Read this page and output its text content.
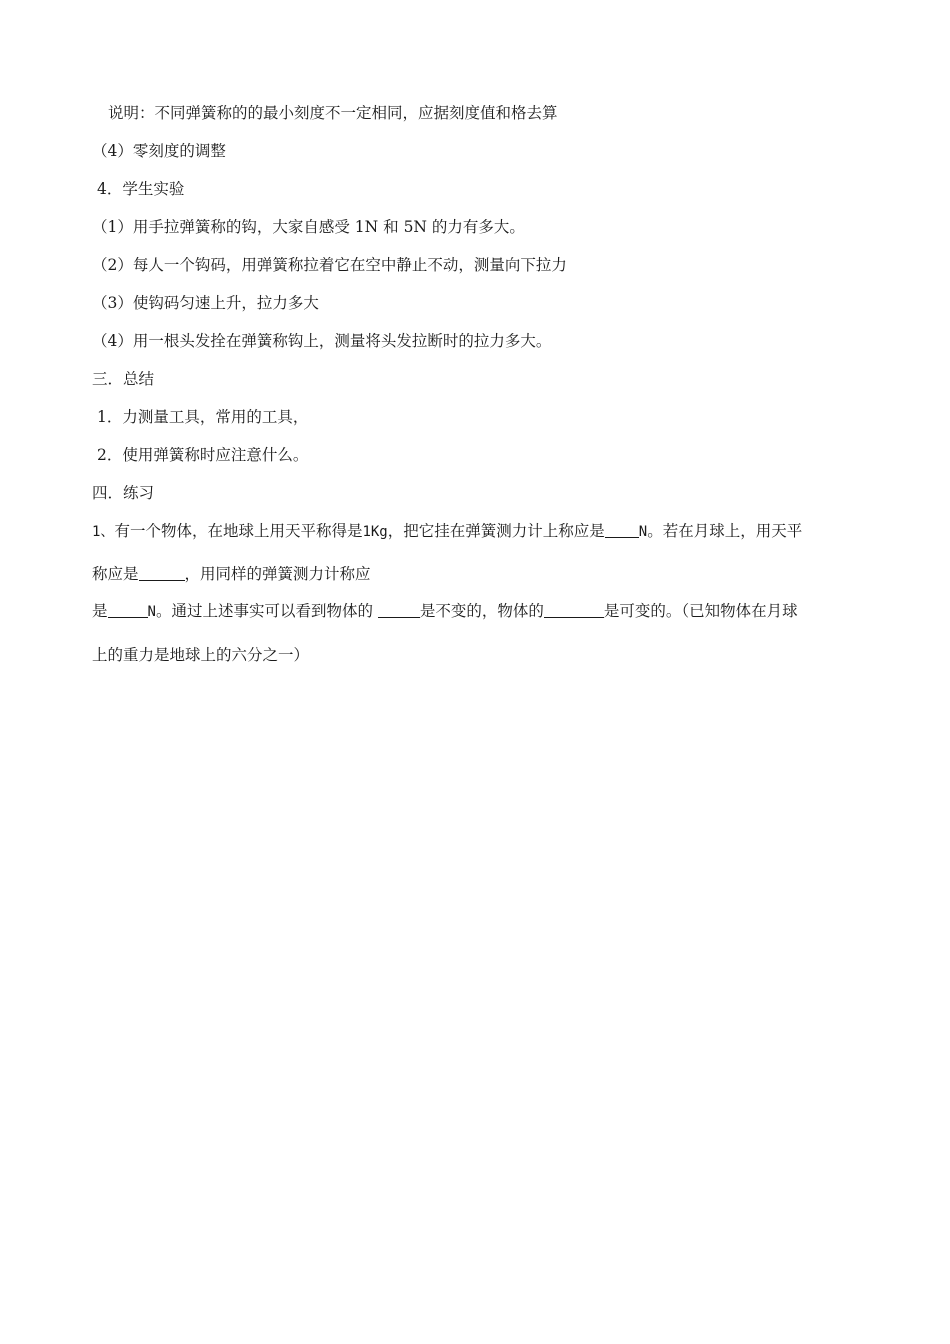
说明：不同弹簧称的的最小刻度不一定相同，应据刻度值和格去算
（4）零刻度的调整
4．学生实验
（1）用手拉弹簧称的钩，大家自感受 1N 和 5N 的力有多大。
（2）每人一个钩码，用弹簧称拉着它在空中静止不动，测量向下拉力
（3）使钩码匀速上升，拉力多大
（4）用一根头发拴在弹簧称钩上，测量将头发拉断时的拉力多大。
三．总结
1．力测量工具，常用的工具，
2．使用弹簧称时应注意什么。
四．练习
1、有一个物体，在地球上用天平称得是1Kg，把它挂在弹簧测力计上称应是 N。若在月球上，用天平
称应是	，用同样的弹簧测力计称应
是	N。通过上述事实可以看到物体的	是不变的，物体的	是可变的。（已知物体在月球
上的重力是地球上的六分之一）
